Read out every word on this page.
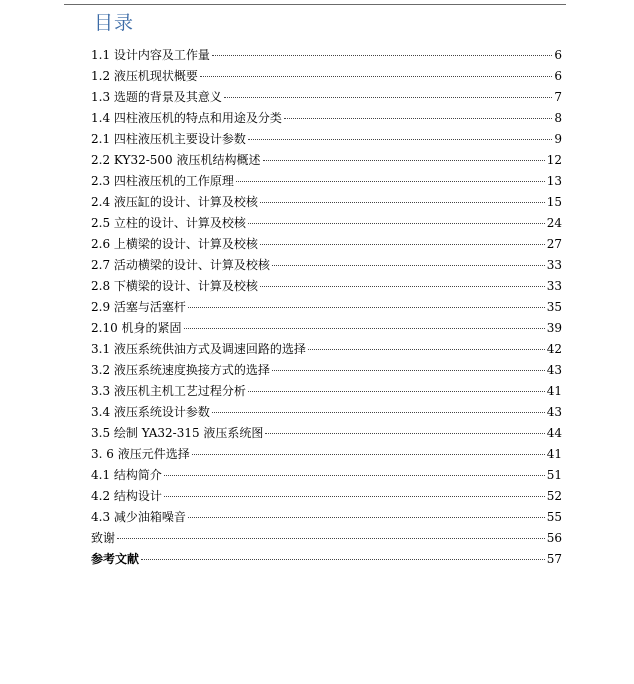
目录
1.1 设计内容及工作量	6
1.2 液压机现状概要	6
1.3 选题的背景及其意义	7
1.4 四柱液压机的特点和用途及分类	8
2.1 四柱液压机主要设计参数	9
2.2 KY32-500 液压机结构概述	12
2.3 四柱液压机的工作原理	13
2.4 液压缸的设计、计算及校核	15
2.5 立柱的设计、计算及校核	24
2.6 上横梁的设计、计算及校核	27
2.7 活动横梁的设计、计算及校核	33
2.8 下横梁的设计、计算及校核	33
2.9 活塞与活塞杆	35
2.10 机身的紧固	39
3.1 液压系统供油方式及调速回路的选择	42
3.2 液压系统速度换接方式的选择	43
3.3 液压机主机工艺过程分析	41
3.4 液压系统设计参数	43
3.5 绘制 YA32-315 液压系统图	44
3. 6 液压元件选择	41
4.1 结构简介	51
4.2 结构设计	52
4.3 减少油箱噪音	55
致谢	56
参考文献	57
